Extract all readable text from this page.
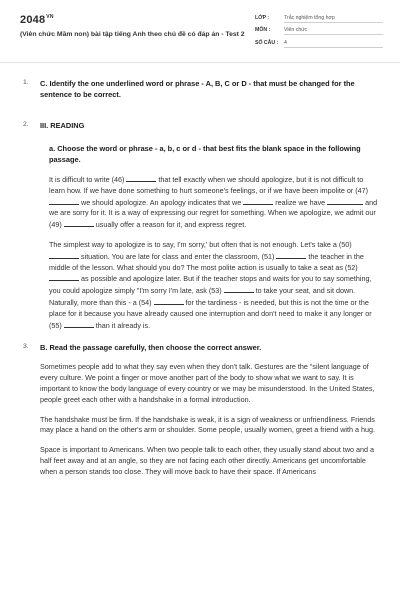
$2048^{VN}$
(Viên chức Mầm non) bài tập tiếng Anh theo chủ đề có đáp án - Test 2
LỚP :	Trắc nghiệm tổng hợp
MÔN :	Viên chức
SỐ CÂU :	4
1. C. Identify the one underlined word or phrase - A, B, C or D - that must be changed for the sentence to be correct.
2. III. READING
a. Choose the word or phrase - a, b, c or d - that best fits the blank space in the following passage.
It is difficult to write (46)	that tell exactly when we should apologize, but it is not difficult to learn how. If we have done something to hurt someone's feelings, or if we have been impolite or (47)  we should apologize. An apology indicates that we	realize we have	and we are sorry for it. It is a way of expressing our regret for something. When we apologize, we admit our (49)	usually offer a reason for it, and express regret.
The simplest way to apologize is to say, I'm sorry,' but often that is not enough. Let's take a (50)  situation. You are late for class and enter the classroom, (51)	the teacher in the middle of the lesson. What should you do? The most polite action is usually to take a seat as (52)  as possible and apologize later. But if the teacher stops and waits for you to say something, you could apologize simply "I'm sorry I'm late, ask (53)	to take your seat, and sit down. Naturally, more than this - a (54)	for the tardiness - is needed, but this is not the time or the place for it because you have already caused one interruption and don't need to make it any longer or (55)	than it already is.
3. B. Read the passage carefully, then choose the correct answer.
Sometimes people add to what they say even when they don't talk. Gestures are the "silent language of every culture. We point a finger or move another part of the body to show what we want to say. It is important to know the body language of every country or we may be misunderstood. In the United States, people greet each other with a handshake in a formal introduction.
The handshake must be firm. If the handshake is weak, it is a sign of weakness or unfriendliness. Friends may place a hand on the other's arm or shoulder. Some people, usually women, greet a friend with a hug.
Space is important to Americans. When two people talk to each other, they usually stand about two and a half feet away and at an angle, so they are not facing each other directly. Americans get uncomfortable when a person stands too close. They will move back to have their space. If Americans
